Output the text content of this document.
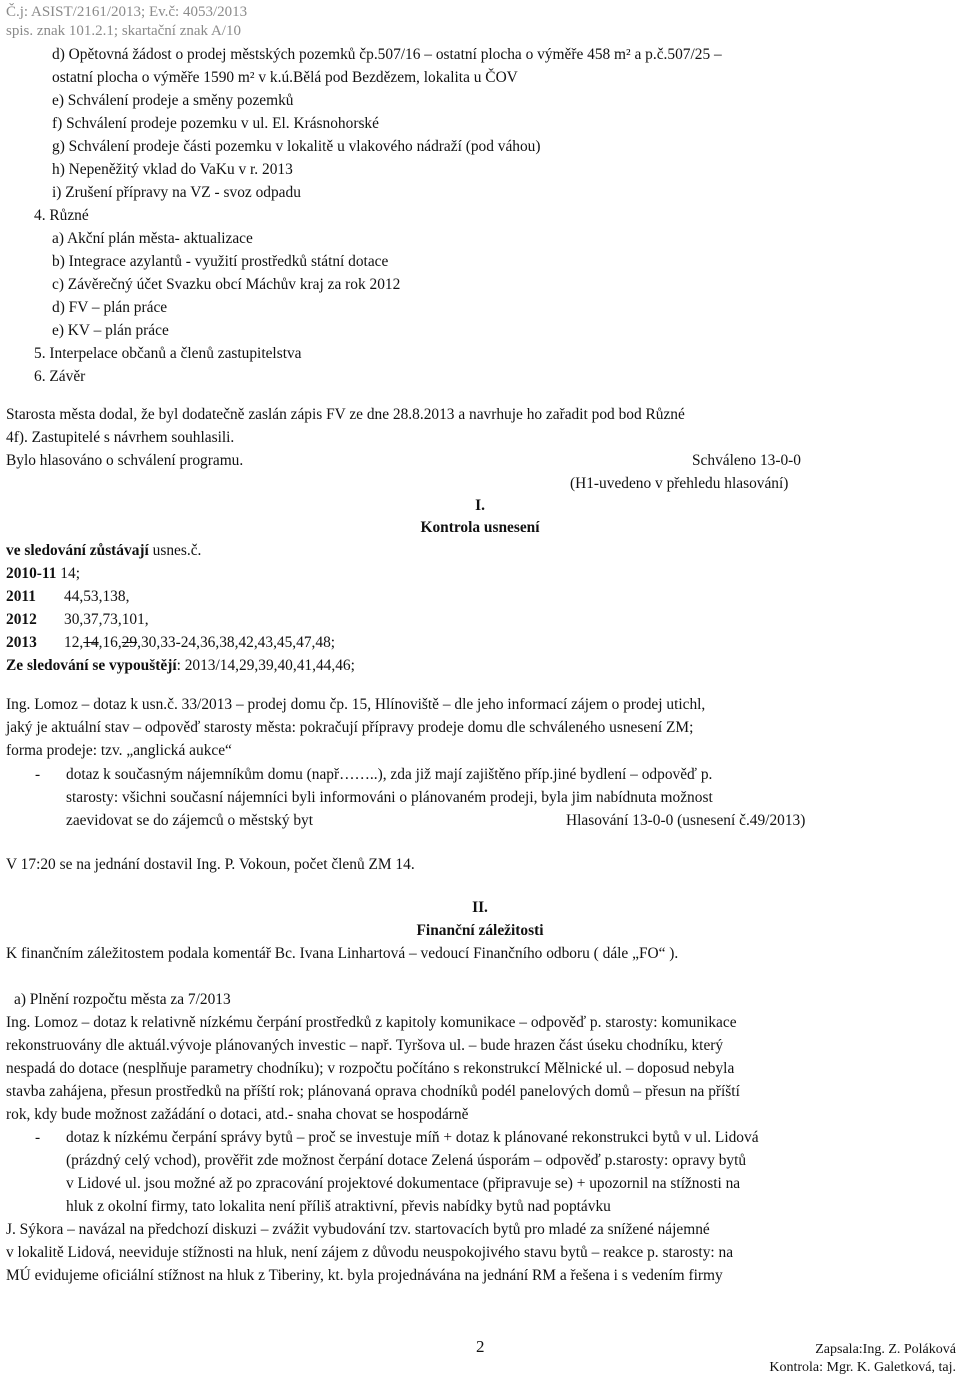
Č.j: ASIST/2161/2013; Ev.č: 4053/2013
spis. znak 101.2.1; skartační znak A/10
d) Opětovná žádost o prodej městských pozemků čp.507/16 – ostatní plocha o výměře 458 m² a p.č.507/25 –
ostatní plocha o výměře 1590 m² v k.ú.Bělá pod Bezdězem, lokalita u ČOV
e) Schválení prodeje a směny pozemků
f) Schválení prodeje pozemku v ul. El. Krásnohorské
g) Schválení prodeje části pozemku v lokalitě u vlakového nádraží (pod váhou)
h) Nepeněžitý vklad do VaKu v r. 2013
i) Zrušení přípravy na VZ - svoz odpadu
4. Různé
a) Akční plán města- aktualizace
b) Integrace azylantů - využití prostředků státní dotace
c) Závěrečný účet Svazku obcí Máchův kraj za rok 2012
d) FV – plán práce
e) KV – plán práce
5. Interpelace občanů a členů zastupitelstva
6. Závěr
Starosta města dodal, že byl dodatečně zaslán zápis FV ze dne 28.8.2013 a navrhuje ho zařadit pod bod Různé
4f). Zastupitelé s návrhem souhlasili.
Bylo hlasováno o schválení programu.	Schváleno 13-0-0
(H1-uvedeno v přehledu hlasování)
I.
Kontrola usnesení
ve sledování zůstávají usnes.č.
2010-11 14;
2011 44,53,138,
2012 30,37,73,101,
2013 12,14,16,29,30,33-24,36,38,42,43,45,47,48;
Ze sledování se vypouštějí: 2013/14,29,39,40,41,44,46;
Ing. Lomoz – dotaz k usn.č. 33/2013 – prodej domu čp. 15, Hlínoviště – dle jeho informací zájem o prodej utichl,
jaký je aktuální stav – odpověď starosty města: pokračují přípravy prodeje domu dle schváleného usnesení ZM;
forma prodeje: tzv. „anglická aukce“
- dotaz k současným nájemníkům domu (např……..), zda již mají zajištěno příp.jiné bydlení – odpověď p.
starosty: všichni současní nájemníci byli informováni o plánovaném prodeji, byla jim nabídnuta možnost
zaevidovat se do zájemců o městský byt	Hlasování 13-0-0 (usnesení č.49/2013)
V 17:20 se na jednání dostavil Ing. P. Vokoun, počet členů ZM 14.
II.
Finanční záležitosti
K finančním záležitostem podala komentář Bc. Ivana Linhartová – vedoucí Finančního odboru ( dále „FO“ ).
a) Plnění rozpočtu města za 7/2013
Ing. Lomoz – dotaz k relativně nízkému čerpání prostředků z kapitoly komunikace – odpověď p. starosty: komunikace
rekonstruovány dle aktuál.vývoje plánovaných investic – např. Tyršova ul. – bude hrazen část úseku chodníku, který
nespadá do dotace (nesplňuje parametry chodníku); v rozpočtu počítáno s rekonstrukcí Mělnické ul. – doposud nebyla
stavba zahájena, přesun prostředků na příští rok; plánovaná oprava chodníků podél panelových domů – přesun na příští
rok, kdy bude možnost zažádání o dotaci, atd.- snaha chovat se hospodárně
- dotaz k nízkému čerpání správy bytů – proč se investuje míň + dotaz k plánované rekonstrukci bytů v ul. Lidová
(prázdný celý vchod), prověřit zde možnost čerpání dotace Zelená úsporám – odpověď p.starosty: opravy bytů
v Lidové ul. jsou možné až po zpracování projektové dokumentace (připravuje se) + upozornil na stížnosti na
hluk z okolní firmy, tato lokalita není příliš atraktivní, převis nabídky bytů nad poptávku
J. Sýkora – navázal na předchozí diskuzi – zvážit vybudování tzv. startovacích bytů pro mladé za snížené nájemné
v lokalitě Lidová, neeviduje stížnosti na hluk, není zájem z důvodu neuspokojivého stavu bytů – reakce p. starosty: na
MÚ evidujeme oficiální stížnost na hluk z Tiberiny, kt. byla projednávána na jednání RM a řešena i s vedením firmy
2	Zapsala:Ing. Z. Poláková
Kontrola: Mgr. K. Galetková, taj.
